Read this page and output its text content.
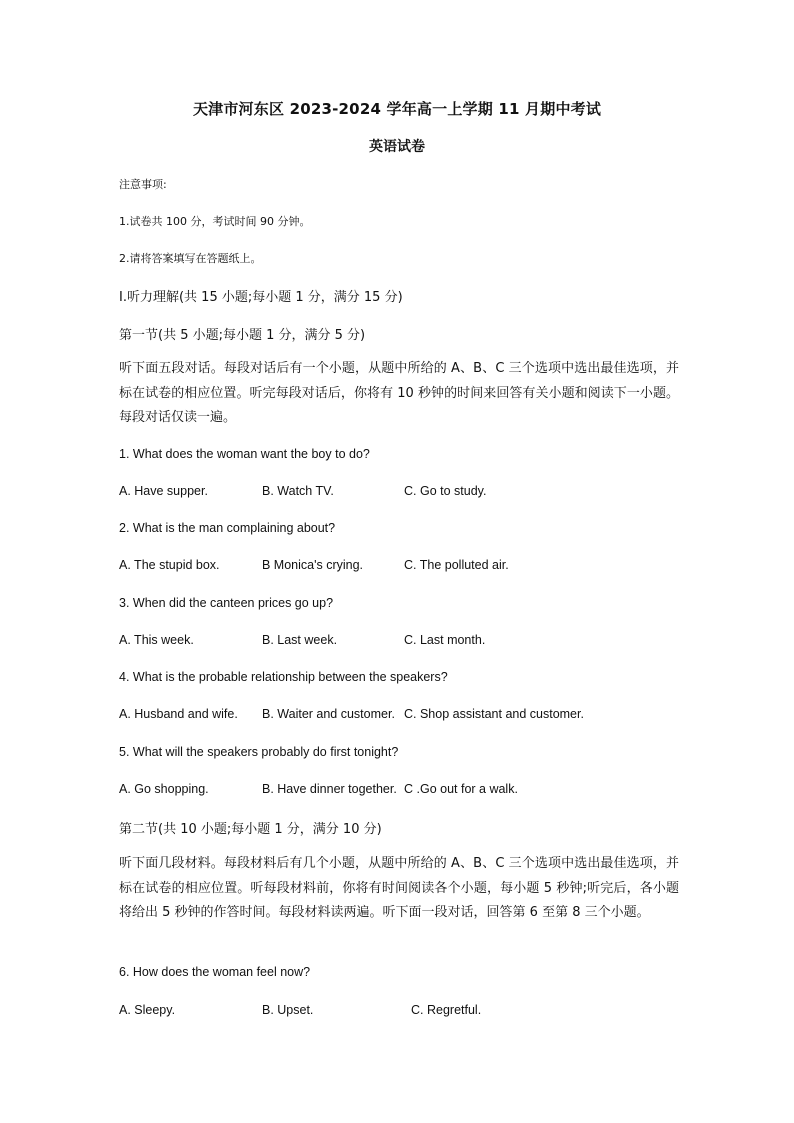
天津市河东区 2023-2024 学年高一上学期 11 月期中考试
英语试卷
注意事项:
1.试卷共 100 分，考试时间 90 分钟。
2.请将答案填写在答题纸上。
Ⅰ.听力理解(共 15 小题;每小题 1 分，满分 15 分)
第一节(共 5 小题;每小题 1 分，满分 5 分)
听下面五段对话。每段对话后有一个小题，从题中所给的 A、B、C 三个选项中选出最佳选项，并标在试卷的相应位置。听完每段对话后，你将有 10 秒钟的时间来回答有关小题和阅读下一小题。每段对话仅读一遍。
1. What does the woman want the boy to do?
A. Have supper.	B. Watch TV.	C. Go to study.
2. What is the man complaining about?
A. The stupid box.	B Monica's crying.	C. The polluted air.
3. When did the canteen prices go up?
A. This week.	B. Last week.	C. Last month.
4. What is the probable relationship between the speakers?
A. Husband and wife. B. Waiter and customer. C. Shop assistant and customer.
5. What will the speakers probably do first tonight?
A. Go shopping.	B. Have dinner together. C .Go out for a walk.
第二节(共 10 小题;每小题 1 分，满分 10 分)
听下面几段材料。每段材料后有几个小题，从题中所给的 A、B、C 三个选项中选出最佳选项，并标在试卷的相应位置。听每段材料前，你将有时间阅读各个小题，每小题 5 秒钟;听完后，各小题将给出 5 秒钟的作答时间。每段材料读两遍。听下面一段对话，回答第 6 至第 8 三个小题。
6. How does the woman feel now?
A. Sleepy.	B. Upset.	C. Regretful.
